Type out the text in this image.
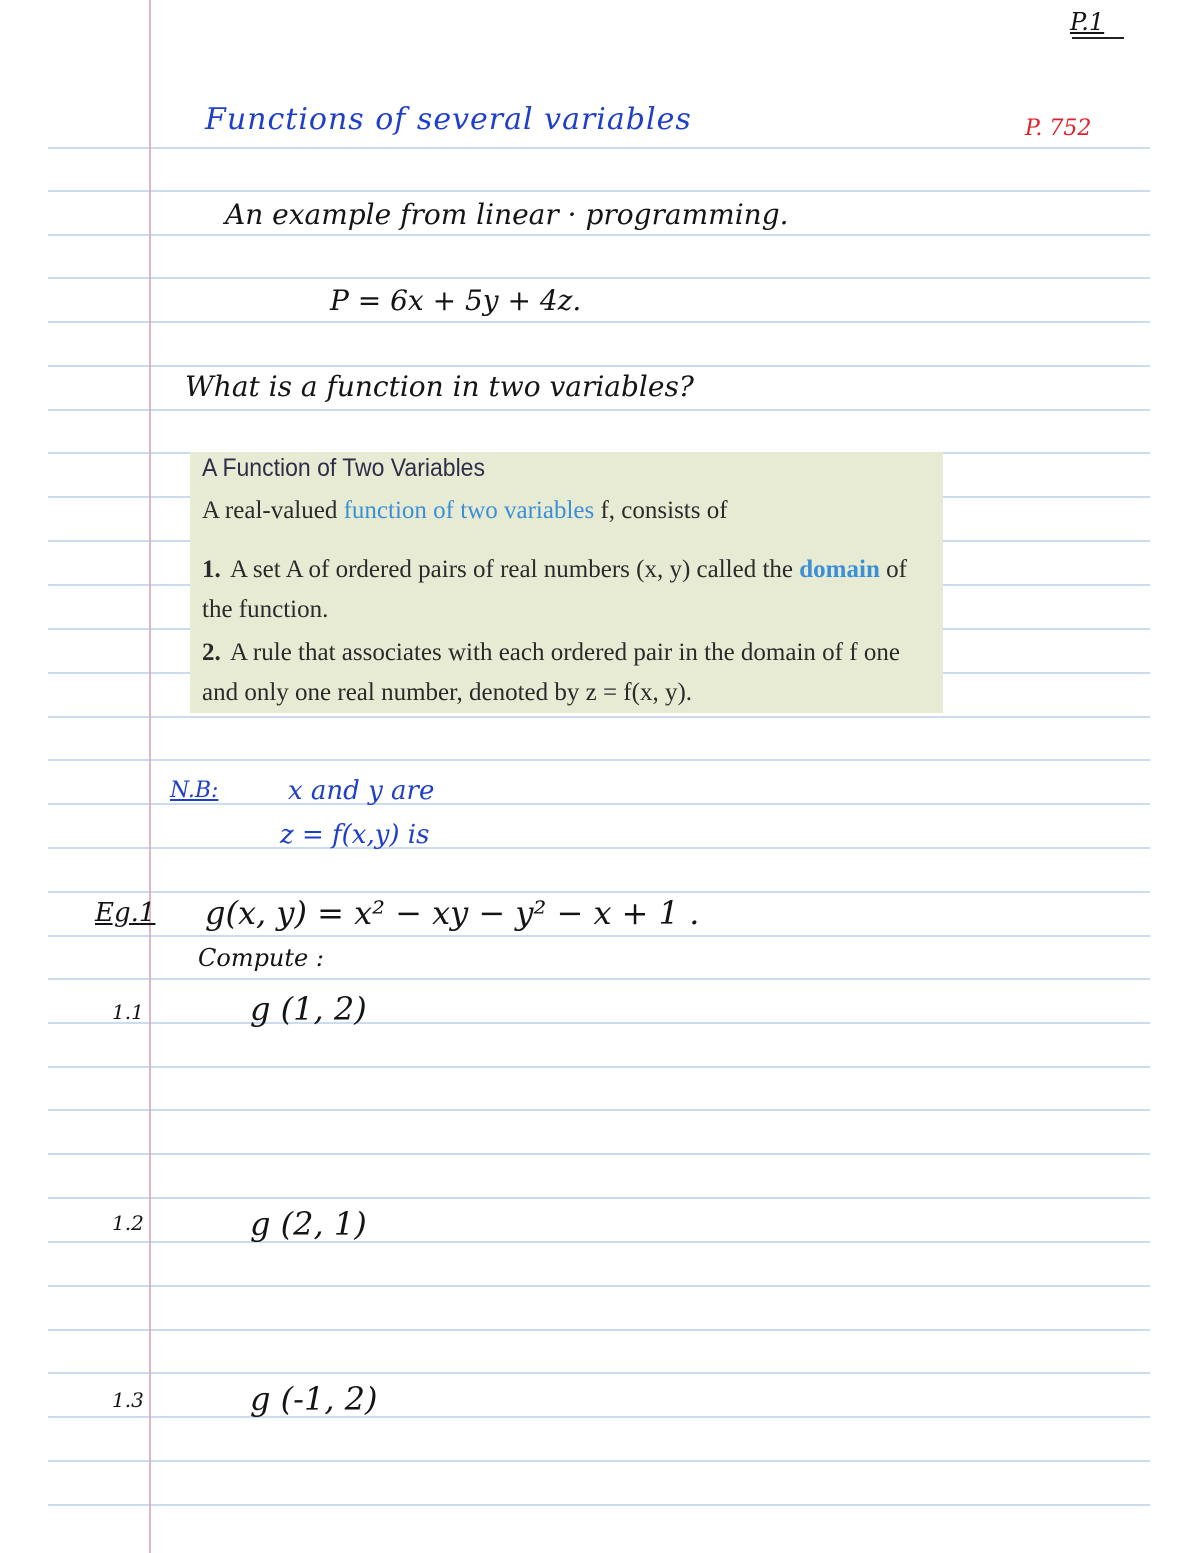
P.1
Functions of several variables	P. 752
An example from linear · programming.
P = 6x + 5y + 4z.
What is a function in two variables?
A Function of Two Variables
A real-valued function of two variables f, consists of
1. A set A of ordered pairs of real numbers (x, y) called the domain of the function.
2. A rule that associates with each ordered pair in the domain of f one and only one real number, denoted by z = f(x, y).
N.B:	x and y are
z = f(x,y) is
Eg.1 g(x, y) = x² − xy − y² − x + 1 .
Compute :
1.1	g (1, 2)
1.2	g (2, 1)
1.3	g (-1, 2)
